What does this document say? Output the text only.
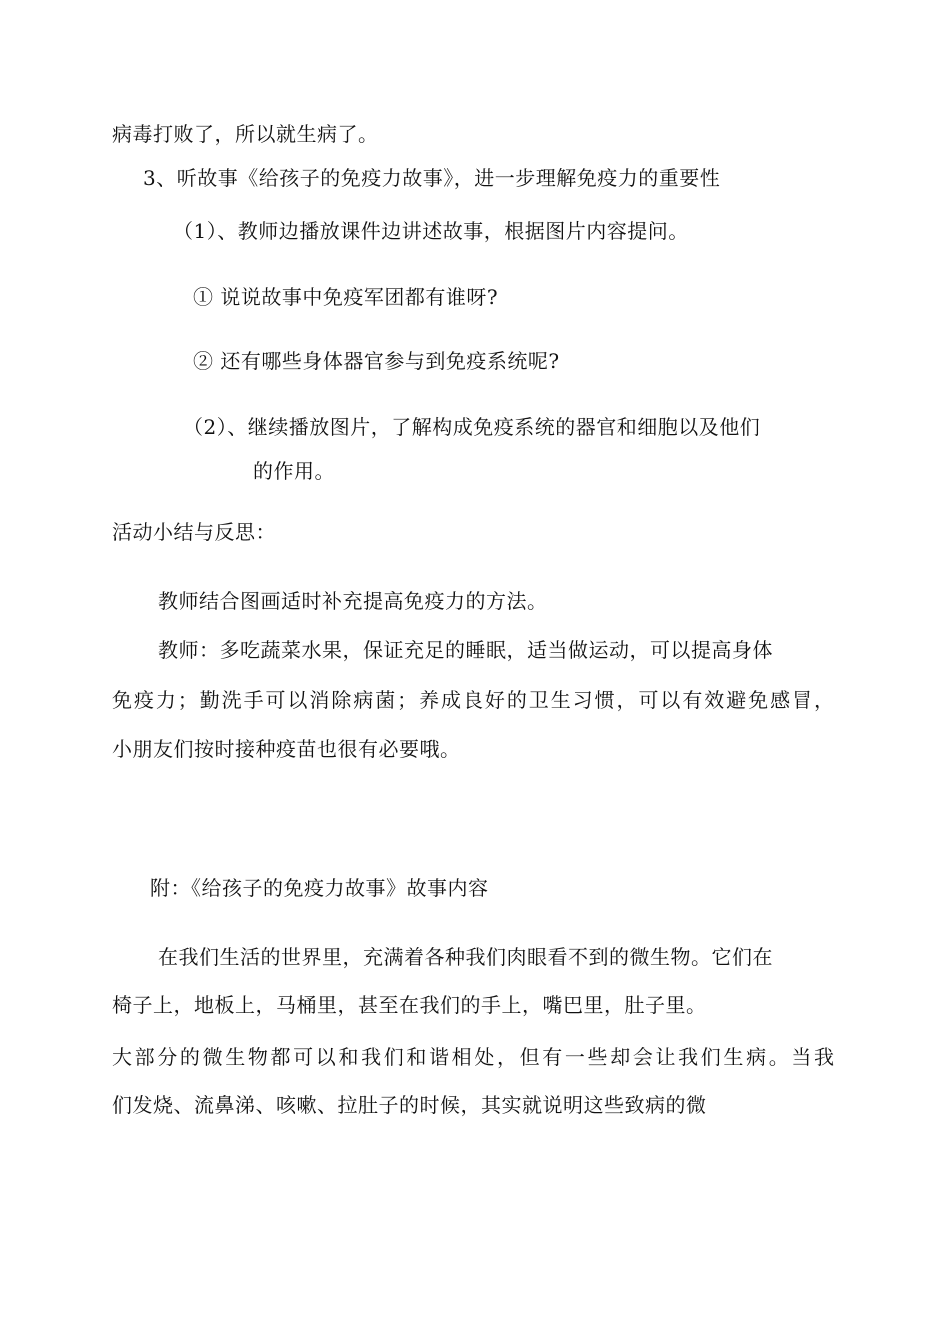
病毒打败了，所以就生病了。
3、听故事《给孩子的免疫力故事》，进一步理解免疫力的重要性
（1）、教师边播放课件边讲述故事，根据图片内容提问。
① 说说故事中免疫军团都有谁呀?
② 还有哪些身体器官参与到免疫系统呢?
（2）、继续播放图片，了解构成免疫系统的器官和细胞以及他们
的作用。
活动小结与反思：
教师结合图画适时补充提高免疫力的方法。
教师：多吃蔬菜水果，保证充足的睡眠，适当做运动，可以提高身体
免疫力；勤洗手可以消除病菌；养成良好的卫生习惯，可以有效避免感冒，
小朋友们按时接种疫苗也很有必要哦。
附：《给孩子的免疫力故事》故事内容
在我们生活的世界里，充满着各种我们肉眼看不到的微生物。它们在
椅子上，地板上，马桶里，甚至在我们的手上，嘴巴里，肚子里。
大部分的微生物都可以和我们和谐相处，但有一些却会让我们生病。当我
们发烧、流鼻涕、咳嗽、拉肚子的时候，其实就说明这些致病的微
